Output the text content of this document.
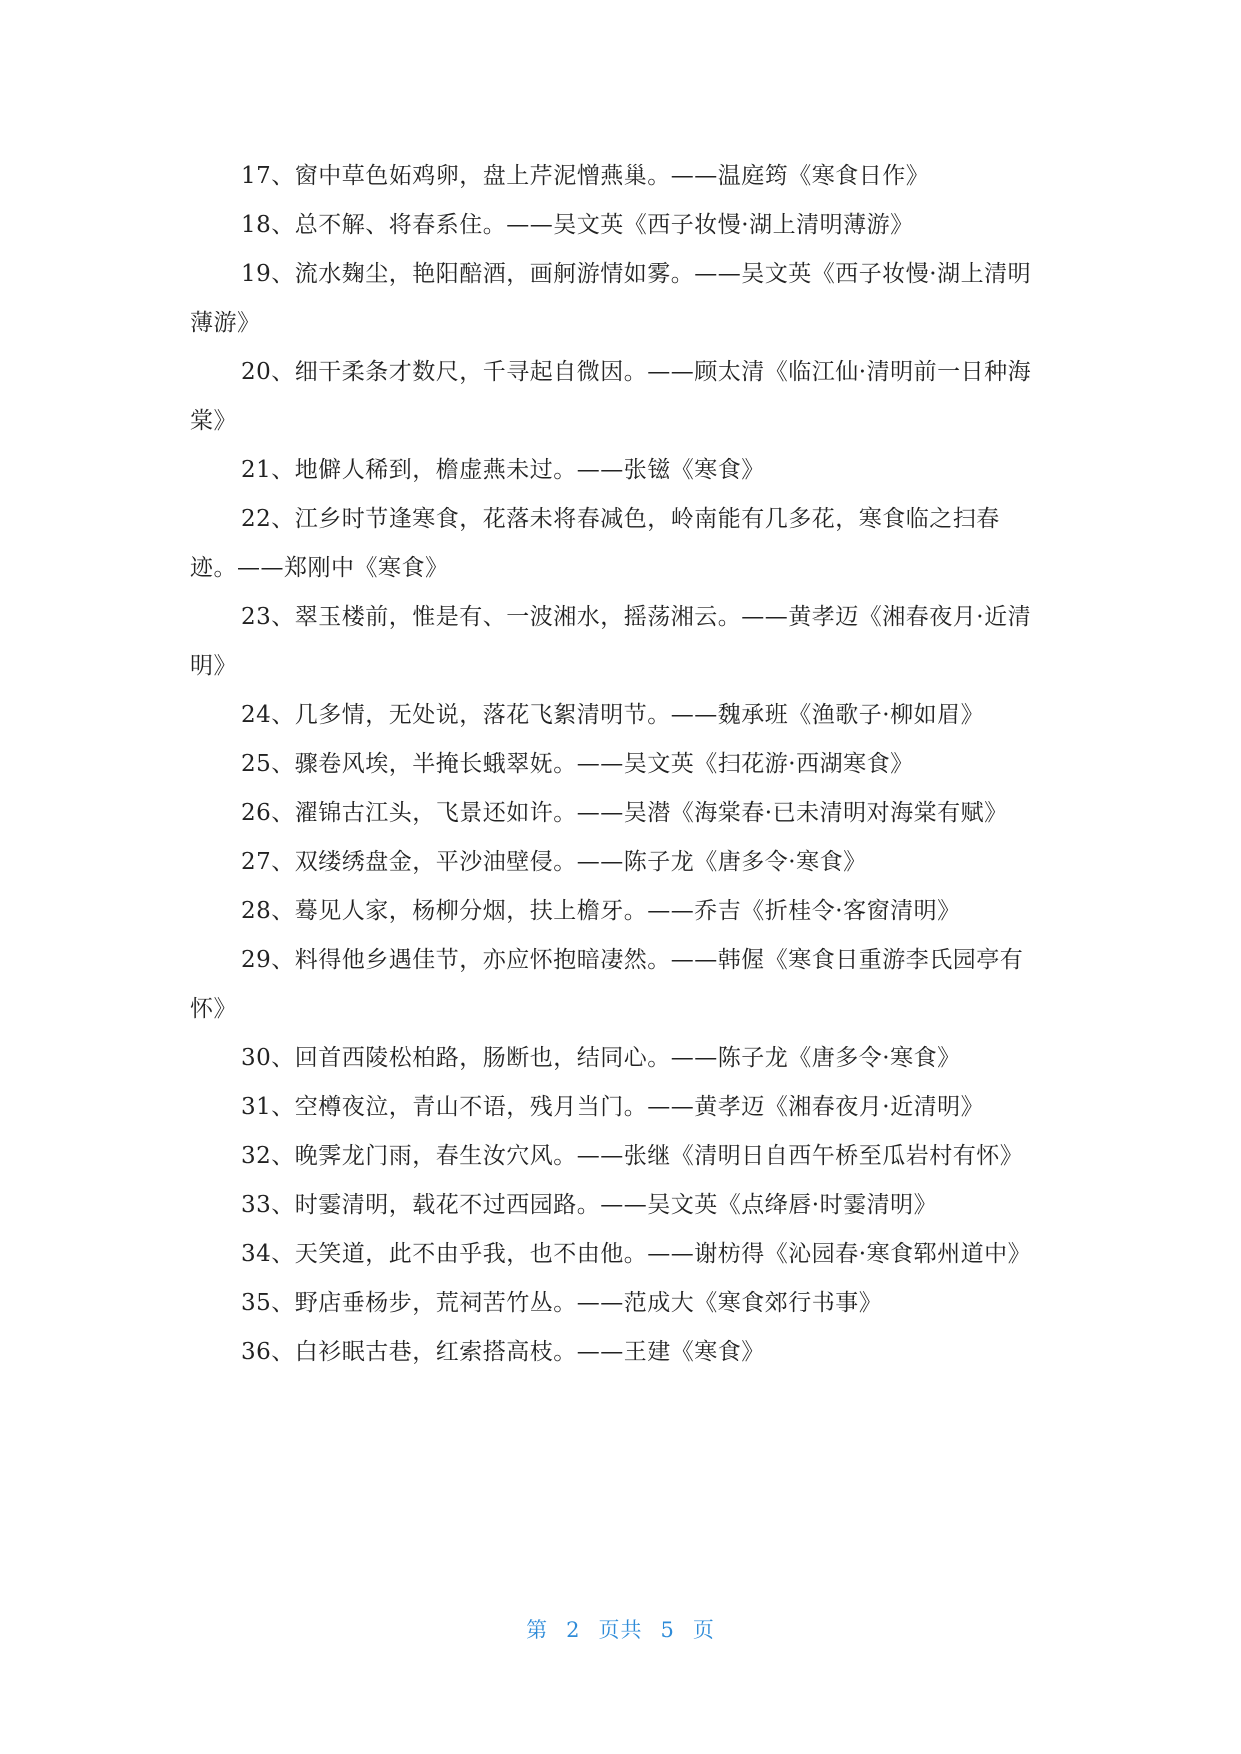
17、窗中草色妬鸡卵，盘上芹泥憎燕巢。——温庭筠《寒食日作》

18、总不解、将春系住。——吴文英《西子妆慢·湖上清明薄游》

19、流水麹尘，艳阳醅酒，画舸游情如雾。——吴文英《西子妆慢·湖上清明薄游》

20、细干柔条才数尺，千寻起自微因。——顾太清《临江仙·清明前一日种海棠》

21、地僻人稀到，檐虚燕未过。——张镃《寒食》

22、江乡时节逢寒食，花落未将春减色，岭南能有几多花，寒食临之扫春迹。——郑刚中《寒食》

23、翠玉楼前，惟是有、一波湘水，摇荡湘云。——黄孝迈《湘春夜月·近清明》

24、几多情，无处说，落花飞絮清明节。——魏承班《渔歌子·柳如眉》

25、骤卷风埃，半掩长蛾翠妩。——吴文英《扫花游·西湖寒食》

26、濯锦古江头，飞景还如许。——吴潜《海棠春·已未清明对海棠有赋》

27、双缕绣盘金，平沙油壁侵。——陈子龙《唐多令·寒食》

28、蓦见人家，杨柳分烟，扶上檐牙。——乔吉《折桂令·客窗清明》

29、料得他乡遇佳节，亦应怀抱暗凄然。——韩偓《寒食日重游李氏园亭有怀》

30、回首西陵松柏路，肠断也，结同心。——陈子龙《唐多令·寒食》

31、空樽夜泣，青山不语，残月当门。——黄孝迈《湘春夜月·近清明》

32、晚霁龙门雨，春生汝穴风。——张继《清明日自西午桥至瓜岩村有怀》

33、时霎清明，载花不过西园路。——吴文英《点绛唇·时霎清明》

34、天笑道，此不由乎我，也不由他。——谢枋得《沁园春·寒食郓州道中》

35、野店垂杨步，荒祠苦竹丛。——范成大《寒食郊行书事》

36、白衫眠古巷，红索搭高枝。——王建《寒食》

第 2 页共 5 页
